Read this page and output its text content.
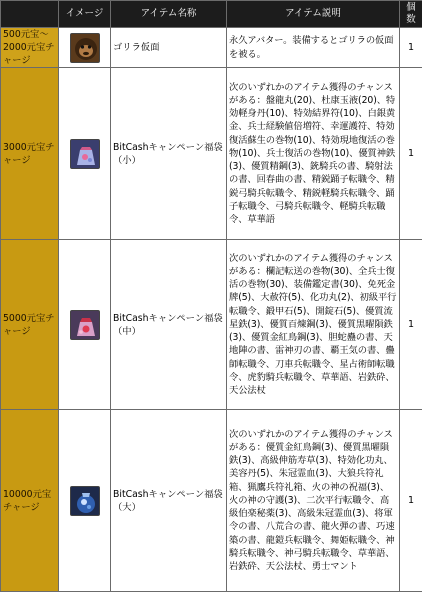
	イメージ	アイテム名称	アイテム説明	個数
500元宝～2000元宝チャージ		ゴリラ仮面	永久アバター。装備するとゴリラの仮面を被る。	1
3000元宝チャージ		BitCashキャンペーン福袋（小）	次のいずれかのアイテム獲得のチャンスがある：盤龍丸(20)、杜康玉液(20)、特効軽身丹(10)、特効結界符(10)、白銀黄金、兵士経験値倍増符、幸運護符、特効復活蘇生の巻物(10)、特効現地復活の巻物(10)、兵士復活の巻物(10)、優質神鉄(3)、優質精鋼(3)、銃騎兵の書、騎射法の書、回春曲の書、精鋭踊子転職令、精鋭弓騎兵転職令、精鋭軽騎兵転職令、踊子転職令、弓騎兵転職令、軽騎兵転職令、草華語	1
5000元宝チャージ		BitCashキャンペーン福袋（中）	次のいずれかのアイテム獲得のチャンスがある：欄記転送の巻物(30)、全兵士復活の巻物(30)、装備鑑定書(30)、免死金牌(5)、大赦符(5)、化功丸(2)、初級平行転職令、鍛甲石(5)、開錠石(5)、優質流星鉄(3)、優質百煉鋼(3)、優質黒曜隕鉄(3)、優質金紅鳥鋼(3)、胆蛇蠱の書、天地陣の書、雷神刃の書、覇王気の書、蠱師転職令、刀車兵転職令、星占術師転職令、虎豹騎兵転職令、草華語、岩鉄砕、天公法杖	1
10000元宝チャージ		BitCashキャンペーン福袋（大）	次のいずれかのアイテム獲得のチャンスがある：優質金紅鳥鋼(3)、優質黒曜隕鉄(3)、高級伸筋寿草(3)、特効化功丸、美容丹(5)、朱冠霊血(3)、大狼兵符礼箱、猟鷹兵符礼箱、火の神の祝福(3)、火の神の守護(3)、二次平行転職令、高級伯楽秘薬(3)、高級朱冠霊血(3)、将軍令の書、八荒合の書、龍火弾の書、巧速築の書、龍鎧兵転職令、舞姫転職令、神騎兵転職令、神弓騎兵転職令、草華語、岩鉄砕、天公法杖、勇士マント	1
